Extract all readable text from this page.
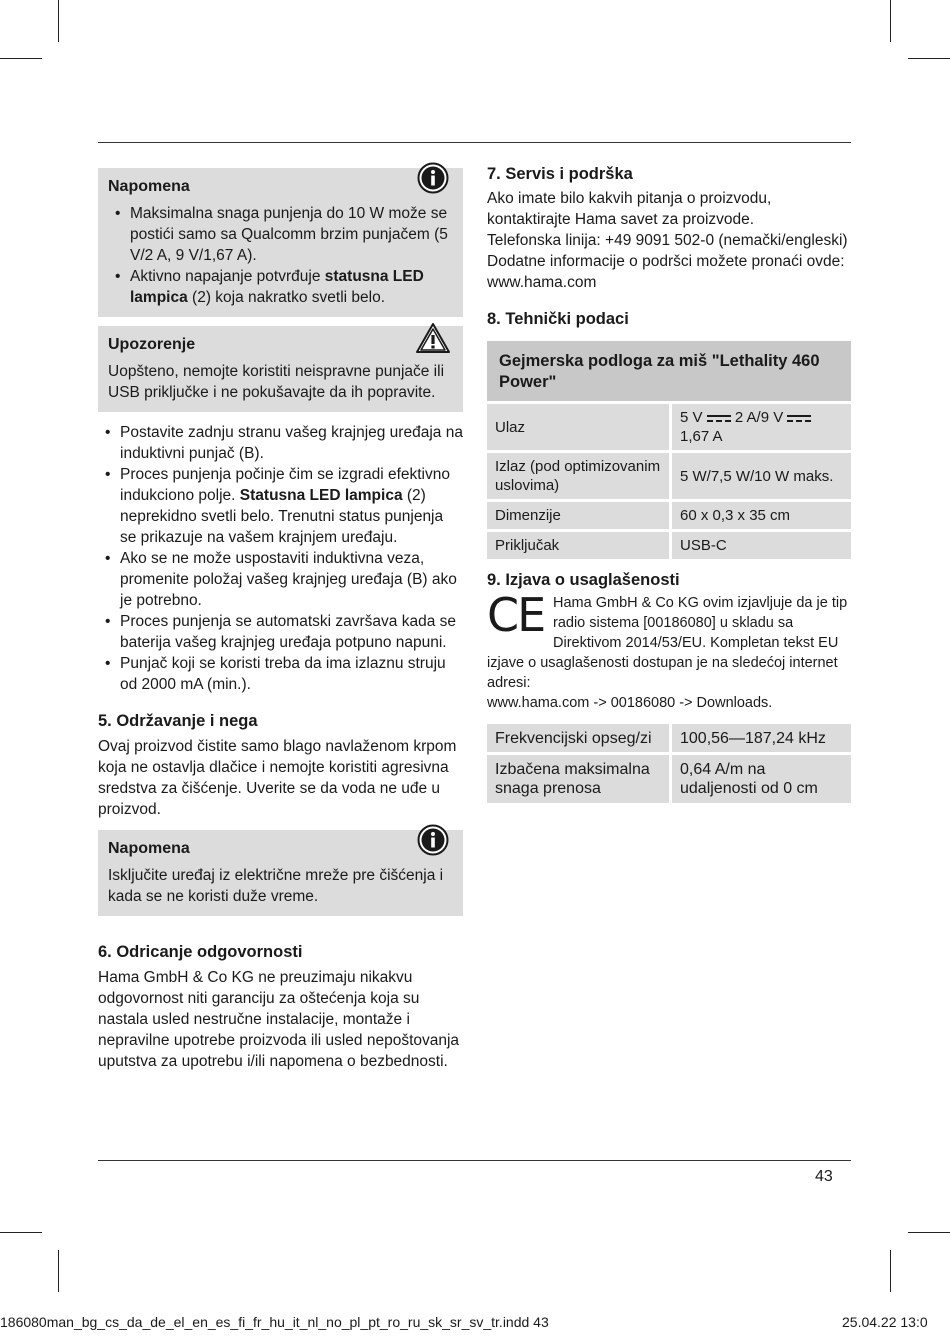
Napomena
• Maksimalna snaga punjenja do 10 W može se postići samo sa Qualcomm brzim punjačem (5 V/2 A, 9 V/1,67 A).
• Aktivno napajanje potvrđuje statusna LED lampica (2) koja nakratko svetli belo.
Upozorenje

Uopšteno, nemojte koristiti neispravne punjače ili USB priključke i ne pokušavajte da ih popravite.

• Postavite zadnju stranu vašeg krajnjeg uređaja na induktivni punjač (B).
• Proces punjenja počinje čim se izgradi efektivno indukciono polje. Statusna LED lampica (2) neprekidno svetli belo. Trenutni status punjenja se prikazuje na vašem krajnjem uređaju.
• Ako se ne može uspostaviti induktivna veza, promenite položaj vašeg krajnjeg uređaja (B) ako je potrebno.
• Proces punjenja se automatski završava kada se baterija vašeg krajnjeg uređaja potpuno napuni.
• Punjač koji se koristi treba da ima izlaznu struju od 2000 mA (min.).
5. Održavanje i nega

Ovaj proizvod čistite samo blago navlaženom krpom koja ne ostavlja dlačice i nemojte koristiti agresivna sredstva za čišćenje. Uverite se da voda ne uđe u proizvod.

Napomena

Isključite uređaj iz električne mreže pre čišćenja i kada se ne koristi duže vreme.

6. Odricanje odgovornosti

Hama GmbH & Co KG ne preuzimaju nikakvu odgovornost niti garanciju za oštećenja koja su nastala usled nestručne instalacije, montaže i nepravilne upotrebe proizvoda ili usled nepoštovanja uputstva za upotrebu i/ili napomena o bezbednosti.

7. Servis i podrška

Ako imate bilo kakvih pitanja o proizvodu,

kontaktirajte Hama savet za proizvode.

Telefonska linija: +49 9091 502-0 (nemački/engleski)

Dodatne informacije o podršci možete pronaći ovde:

www.hama.com

8. Tehnički podaci
Gejmerska podloga za miš "Lethality 460 Power"
Ulaz	5 V 2 A/9 V
1,67 A
Izlaz (pod optimizovanim uslovima)	5 W/7,5 W/10 W maks.
Dimenzije	60 x 0,3 x 35 cm
Priključak	USB-C
9. Izjava o usaglašenosti
CE Hama GmbH & Co KG ovim izjavljuje da je tip radio sistema [00186080] u skladu sa Direktivom 2014/53/EU. Kompletan tekst EU

izjave o usaglašenosti dostupan je na sledećoj internet adresi:

www.hama.com -> 00186080 -> Downloads.

Frekvencijski opseg/zi	100,56—187,24 kHz
Izbačena maksimalna snaga prenosa	0,64 A/m na udaljenosti od 0 cm
43
186080man_bg_cs_da_de_el_en_es_fi_fr_hu_it_nl_no_pl_pt_ro_ru_sk_sr_sv_tr.indd 43	25.04.22 13:0
